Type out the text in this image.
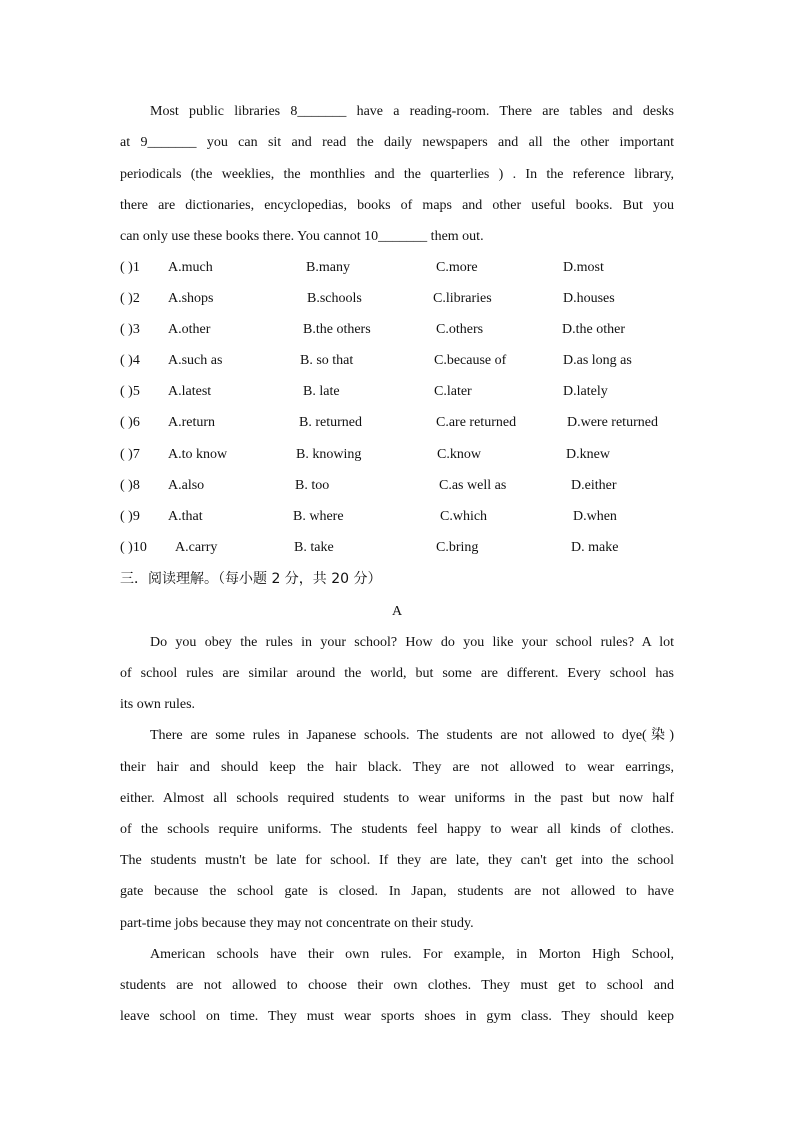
Most public libraries 8_______ have a reading-room. There are tables and desks
at 9_______ you can sit and read the daily newspapers and all the other important
periodicals (the weeklies, the monthlies and the quarterlies ) . In the reference library,
there are dictionaries, encyclopedias, books of maps and other useful books. But you
can only use these books there. You cannot 10_______ them out.
( )1 A.much	B.many	C.more	D.most
( )2 A.shops	B.schools	C.libraries	D.houses
( )3 A.other	B.the others	C.others	D.the other
( )4 A.such as	B. so that	C.because of	D.as long as
( )5 A.latest	B. late	C.later	D.lately
( )6 A.return	B. returned	C.are returned	D.were returned
( )7 A.to know	B. knowing	C.know	D.knew
( )8 A.also	B. too	C.as well as	D.either
( )9 A.that	B. where	C.which	D.when
( )10 A.carry	B. take	C.bring	D. make
三．阅读理解。（每小题 2 分，共 20 分）
A
Do you obey the rules in your school? How do you like your school rules? A lot
of school rules are similar around the world, but some are different. Every school has
its own rules.
There are some rules in Japanese schools. The students are not allowed to dye(染)
their hair and should keep the hair black. They are not allowed to wear earrings,
either. Almost all schools required students to wear uniforms in the past but now half
of the schools require uniforms. The students feel happy to wear all kinds of clothes.
The students mustn't be late for school. If they are late, they can't get into the school
gate because the school gate is closed. In Japan, students are not allowed to have
part-time jobs because they may not concentrate on their study.
American schools have their own rules. For example, in Morton High School,
students are not allowed to choose their own clothes. They must get to school and
leave school on time. They must wear sports shoes in gym class. They should keep
